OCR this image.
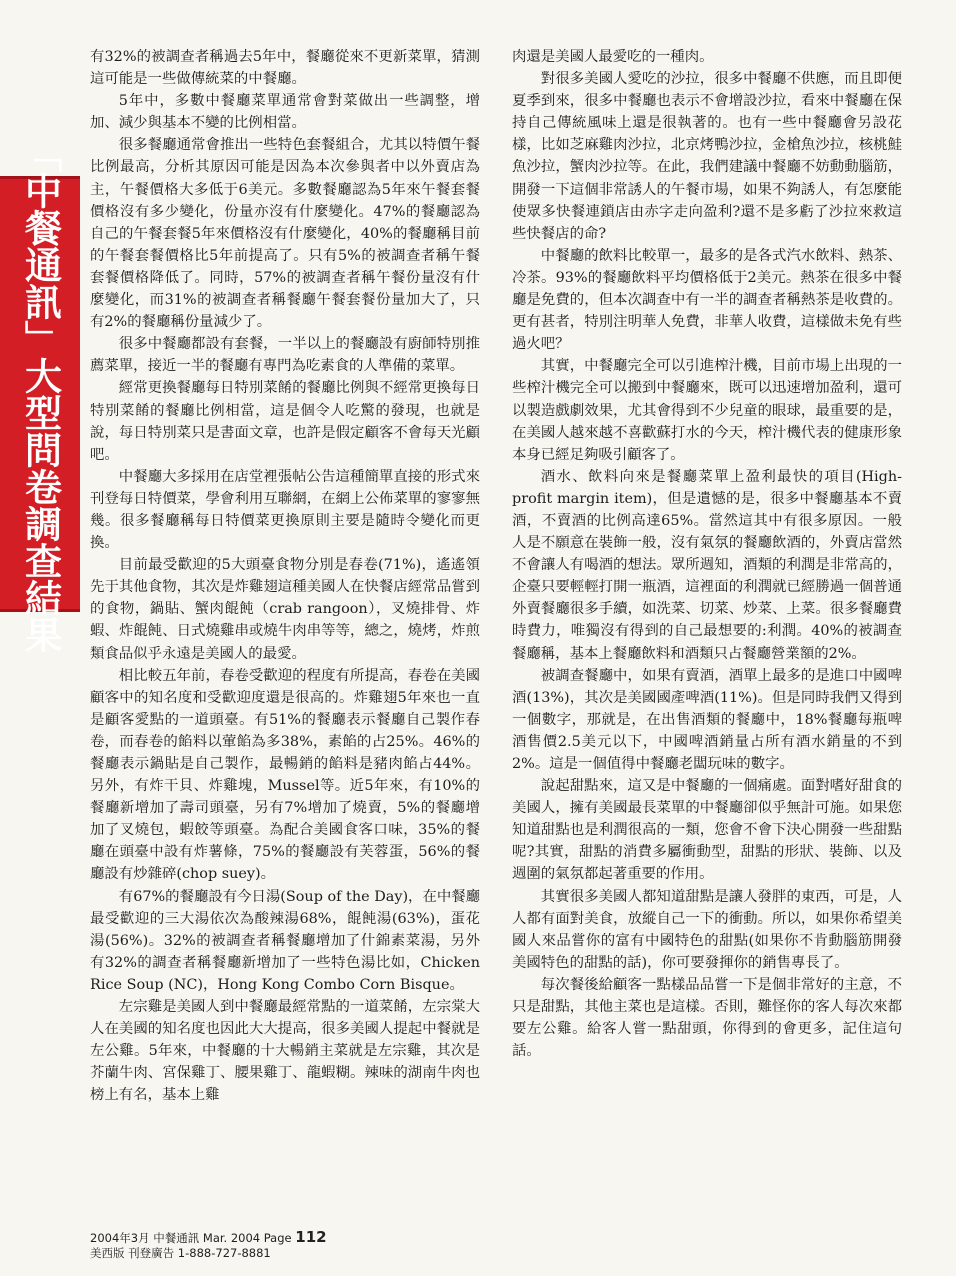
「中餐通訊」大型問卷調查結果

有32%的被調查者稱過去5年中，餐廳從來不更新菜單，猜測這可能是一些做傳統菜的中餐廳。

5年中，多數中餐廳菜單通常會對菜做出一些調整，增加、減少與基本不變的比例相當。

很多餐廳通常會推出一些特色套餐組合，尤其以特價午餐比例最高，分析其原因可能是因為本次參與者中以外賣店為主，午餐價格大多低于6美元。多數餐廳認為5年來午餐套餐價格沒有多少變化，份量亦沒有什麼變化。47%的餐廳認為自己的午餐套餐5年來價格沒有什麼變化，40%的餐廳稱目前的午餐套餐價格比5年前提高了。只有5%的被調查者稱午餐套餐價格降低了。同時，57%的被調查者稱午餐份量沒有什麼變化，而31%的被調查者稱餐廳午餐套餐份量加大了，只有2%的餐廳稱份量減少了。

很多中餐廳都設有套餐，一半以上的餐廳設有廚師特別推薦菜單，接近一半的餐廳有專門為吃素食的人準備的菜單。

經常更換餐廳每日特別菜餚的餐廳比例與不經常更換每日特別菜餚的餐廳比例相當，這是個令人吃驚的發現，也就是說，每日特別菜只是書面文章，也許是假定顧客不會每天光顧吧。

中餐廳大多採用在店堂裡張帖公告這種簡單直接的形式來刊登每日特價菜，學會利用互聯網，在網上公佈菜單的寥寥無幾。很多餐廳稱每日特價菜更換原則主要是隨時令變化而更換。

目前最受歡迎的5大頭臺食物分別是春卷(71%)，遙遙領先于其他食物，其次是炸雞翅這種美國人在快餐店經常品嘗到的食物，鍋貼、蟹肉餛飩（crab rangoon），叉燒排骨、炸蝦、炸餛飩、日式燒雞串或燒牛肉串等等，總之，燒烤，炸煎類食品似乎永遠是美國人的最愛。

相比較五年前，春卷受歡迎的程度有所提高，春卷在美國顧客中的知名度和受歡迎度還是很高的。炸雞翅5年來也一直是顧客愛點的一道頭臺。有51%的餐廳表示餐廳自己製作春卷，而春卷的餡料以葷餡為多38%，素餡的占25%。46%的餐廳表示鍋貼是自己製作，最暢銷的餡料是豬肉餡占44%。另外，有炸干貝、炸雞塊，Mussel等。近5年來，有10%的餐廳新增加了壽司頭臺，另有7%增加了燒賣，5%的餐廳增加了叉燒包，蝦餃等頭臺。為配合美國食客口味，35%的餐廳在頭臺中設有炸薯條，75%的餐廳設有芙蓉蛋，56%的餐廳設有炒雜碎(chop suey)。

有67%的餐廳設有今日湯(Soup of the Day)，在中餐廳最受歡迎的三大湯依次為酸辣湯68%，餛飩湯(63%)，蛋花湯(56%)。32%的被調查者稱餐廳增加了什錦素菜湯，另外有32%的調查者稱餐廳新增加了一些特色湯比如，Chicken Rice Soup (NC)，Hong Kong Combo Corn Bisque。

左宗雞是美國人到中餐廳最經常點的一道菜餚，左宗棠大人在美國的知名度也因此大大提高，很多美國人提起中餐就是左公雞。5年來，中餐廳的十大暢銷主菜就是左宗雞，其次是芥蘭牛肉、宮保雞丁、腰果雞丁、龍蝦糊。辣味的湖南牛肉也榜上有名，基本上雞

肉還是美國人最愛吃的一種肉。

對很多美國人愛吃的沙拉，很多中餐廳不供應，而且即便夏季到來，很多中餐廳也表示不會增設沙拉，看來中餐廳在保持自己傳統風味上還是很執著的。也有一些中餐廳會另設花樣，比如芝麻雞肉沙拉，北京烤鴨沙拉，金槍魚沙拉，核桃鮭魚沙拉，蟹肉沙拉等。在此，我們建議中餐廳不妨動動腦筋，開發一下這個非常誘人的午餐市場，如果不夠誘人，有怎麼能使眾多快餐連鎖店由赤字走向盈利?還不是多虧了沙拉來救這些快餐店的命?

中餐廳的飲料比較單一，最多的是各式汽水飲料、熱茶、冷茶。93%的餐廳飲料平均價格低于2美元。熱茶在很多中餐廳是免費的，但本次調查中有一半的調查者稱熱茶是收費的。更有甚者，特別注明華人免費，非華人收費，這樣做未免有些過火吧？

其實，中餐廳完全可以引進榨汁機，目前市場上出現的一些榨汁機完全可以搬到中餐廳來，既可以迅速增加盈利，還可以製造戲劇效果，尤其會得到不少兒童的眼球，最重要的是，在美國人越來越不喜歡蘇打水的今天，榨汁機代表的健康形象本身已經足夠吸引顧客了。

酒水、飲料向來是餐廳菜單上盈利最快的項目(High-profit margin item)，但是遺憾的是，很多中餐廳基本不賣酒，不賣酒的比例高達65%。當然這其中有很多原因。一般人是不願意在裝飾一般，沒有氣氛的餐廳飲酒的，外賣店當然不會讓人有喝酒的想法。眾所週知，酒類的利潤是非常高的，企臺只要輕輕打開一瓶酒，這裡面的利潤就已經勝過一個普通外賣餐廳很多手續，如洗菜、切菜、炒菜、上菜。很多餐廳費時費力，唯獨沒有得到的自己最想要的:利潤。40%的被調查餐廳稱，基本上餐廳飲料和酒類只占餐廳營業額的2%。

被調查餐廳中，如果有賣酒，酒單上最多的是進口中國啤酒(13%)，其次是美國國產啤酒(11%)。但是同時我們又得到一個數字，那就是，在出售酒類的餐廳中，18%餐廳每瓶啤酒售價2.5美元以下，中國啤酒銷量占所有酒水銷量的不到2%。這是一個值得中餐廳老闆玩味的數字。

說起甜點來，這又是中餐廳的一個痛處。面對嗜好甜食的美國人，擁有美國最長菜單的中餐廳卻似乎無計可施。如果您知道甜點也是利潤很高的一類，您會不會下決心開發一些甜點呢?其實，甜點的消費多屬衝動型，甜點的形狀、裝飾、以及週圍的氣氛都起著重要的作用。

其實很多美國人都知道甜點是讓人發胖的東西，可是，人人都有面對美食，放縱自己一下的衝動。所以，如果你希望美國人來品嘗你的富有中國特色的甜點(如果你不肯動腦筋開發美國特色的甜點的話)，你可要發揮你的銷售專長了。

每次餐後給顧客一點樣品品嘗一下是個非常好的主意，不只是甜點，其他主菜也是這樣。否則，難怪你的客人每次來都要左公雞。給客人嘗一點甜頭，你得到的會更多，記住這句話。

2004年3月 中餐通訊 Mar. 2004 Page 112
美西版 刊登廣告 1-888-727-8881
